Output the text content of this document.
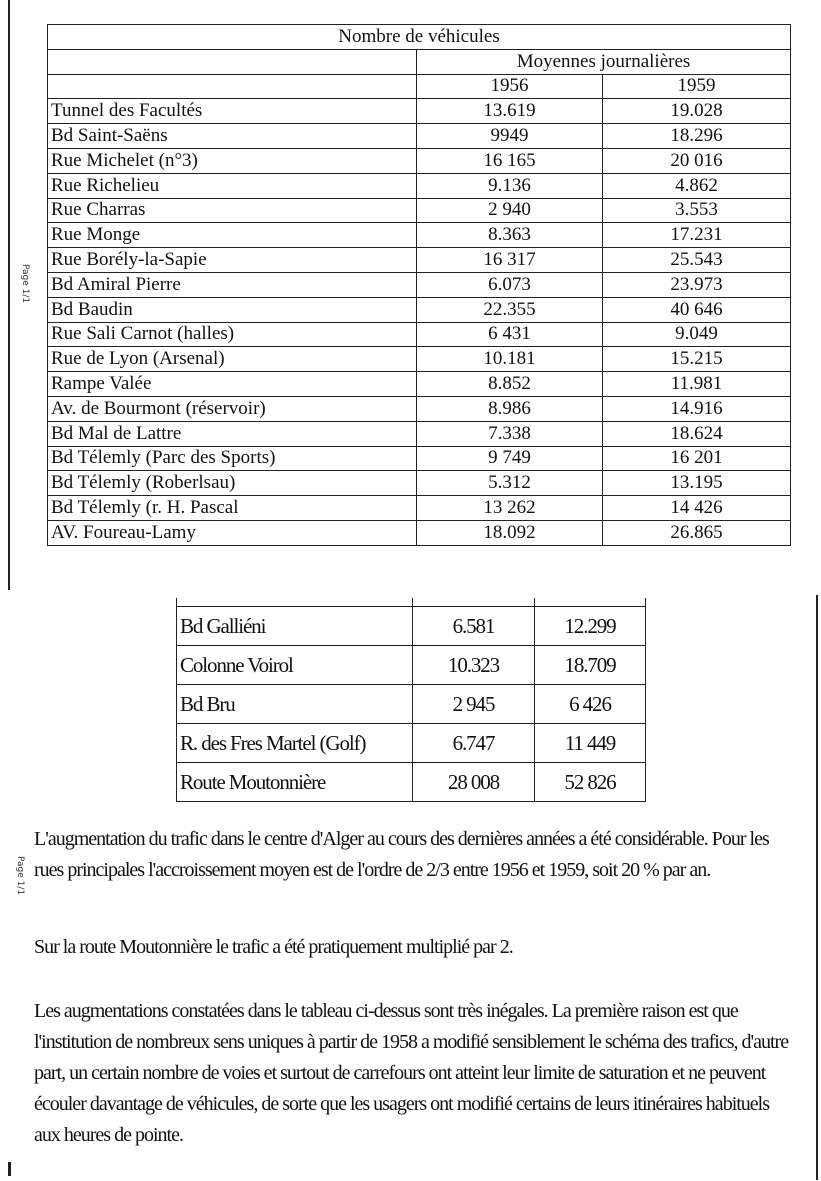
Page 1/1
Page 1/1
Nombre de véhicules		
	Moyennes journalières	
	1956	1959
Tunnel des Facultés	13.619	19.028
Bd Saint-Saëns	9949	18.296
Rue Michelet (n°3)	16 165	20 016
Rue Richelieu	9.136	4.862
Rue Charras	2 940	3.553
Rue Monge	8.363	17.231
Rue Borély-la-Sapie	16 317	25.543
Bd Amiral Pierre	6.073	23.973
Bd Baudin	22.355	40 646
Rue Sali Carnot (halles)	6 431	9.049
Rue de Lyon (Arsenal)	10.181	15.215
Rampe Valée	8.852	11.981
Av. de Bourmont (réservoir)	8.986	14.916
Bd Mal de Lattre	7.338	18.624
Bd Télemly (Parc des Sports)	9 749	16 201
Bd Télemly (Roberlsau)	5.312	13.195
Bd Télemly (r. H. Pascal	13 262	14 426
AV. Foureau-Lamy	18.092	26.865

Bd Galliéni	6.581	12.299
Colonne Voirol	10.323	18.709
Bd Bru	2 945	6 426
R. des Fres Martel (Golf)	6.747	11 449
Route Moutonnière	28 008	52 826

L'augmentation du trafic dans le centre d'Alger au cours des dernières années a été considérable. Pour les rues principales l'accroissement moyen est de l'ordre de 2/3 entre 1956 et 1959, soit 20 % par an.

Sur la route Moutonnière le trafic a été pratiquement multiplié par 2.

Les augmentations constatées dans le tableau ci-dessus sont très inégales. La première raison est que l'institution de nombreux sens uniques à partir de 1958 a modifié sensiblement le schéma des trafics, d'autre part, un certain nombre de voies et surtout de carrefours ont atteint leur limite de saturation et ne peuvent écouler davantage de véhicules, de sorte que les usagers ont modifié certains de leurs itinéraires habituels aux heures de pointe.
